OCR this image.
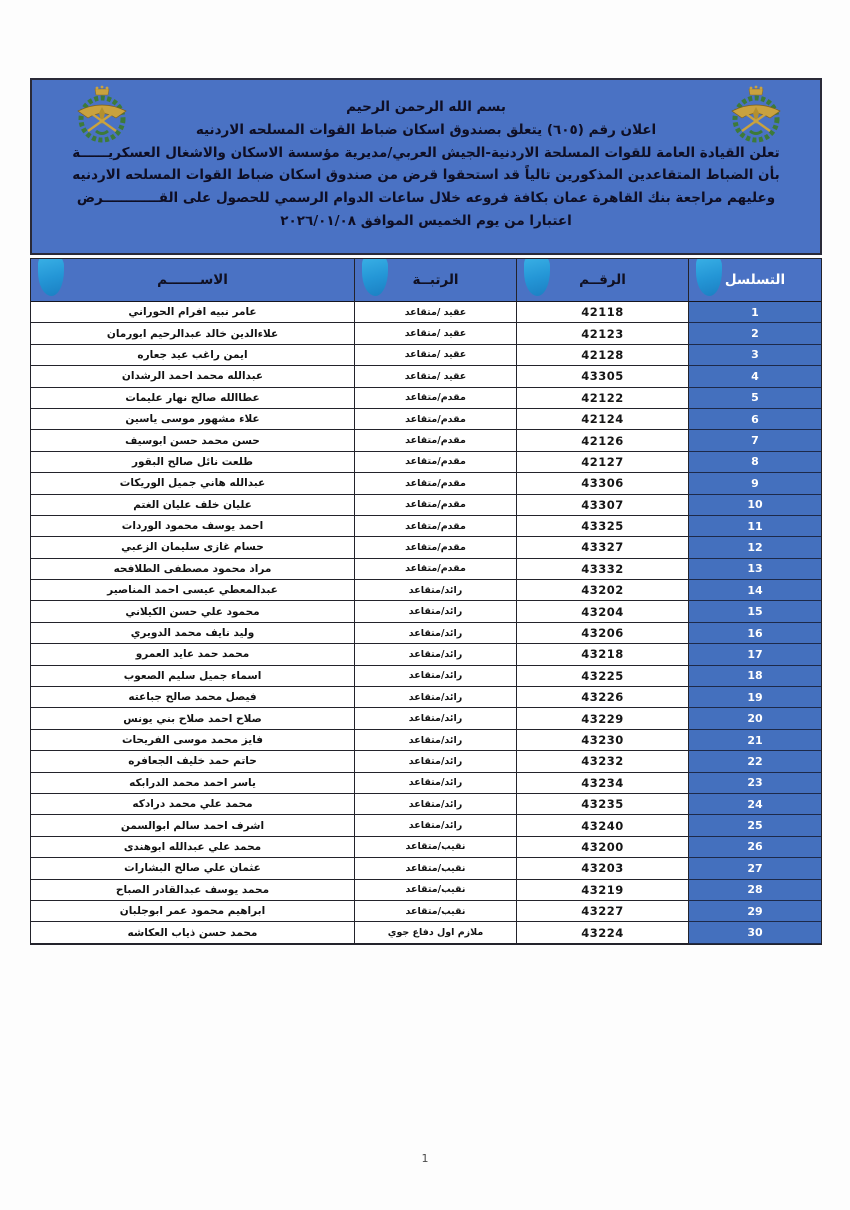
بسم الله الرحمن الرحيم
اعلان رقم (٦٠٥) يتعلق بصندوق اسكان ضباط القوات المسلحه الاردنيه
تعلن القيادة العامة للقوات المسلحة الاردنية-الجيش العربي/مديرية مؤسسة الاسكان والاشغال العسكريــــــة
بأن الضباط المتقاعدين المذكورين تالياً قد استحقوا قرض من صندوق اسكان ضباط القوات المسلحه الاردنيه
وعليهم مراجعة بنك القاهرة عمان بكافة فروعه خلال ساعات الدوام الرسمي للحصول على القــــــــــــرض
اعتبارا من يوم الخميس الموافق ٢٠٢٦/٠١/٠٨
الاســـــــم	الرتبــة	الرقــم	التسلسل
عامر نبيه افرام الحوراني	عقيد /متقاعد	42118	1
علاءالدين خالد عبدالرحيم ابورمان	عقيد /متقاعد	42123	2
ايمن راغب عيد جعاره	عقيد /متقاعد	42128	3
عبدالله محمد احمد الرشدان	عقيد /متقاعد	43305	4
عطاالله صالح نهار عليمات	مقدم/متقاعد	42122	5
علاء مشهور موسى ياسين	مقدم/متقاعد	42124	6
حسن محمد حسن ابوسيف	مقدم/متقاعد	42126	7
طلعت نائل صالح البقور	مقدم/متقاعد	42127	8
عبدالله هاني جميل الوريكات	مقدم/متقاعد	43306	9
عليان خلف عليان الغتم	مقدم/متقاعد	43307	10
احمد يوسف محمود الوردات	مقدم/متقاعد	43325	11
حسام غازى سليمان الزعبي	مقدم/متقاعد	43327	12
مراد محمود مصطفى الطلافحه	مقدم/متقاعد	43332	13
عبدالمعطي عيسى احمد المناصير	رائد/متقاعد	43202	14
محمود علي حسن الكيلاني	رائد/متقاعد	43204	15
وليد نايف محمد الدويري	رائد/متقاعد	43206	16
محمد حمد عايد العمرو	رائد/متقاعد	43218	17
اسماء جميل سليم الصعوب	رائد/متقاعد	43225	18
فيصل محمد صالح جباعته	رائد/متقاعد	43226	19
صلاح احمد صلاح بني يونس	رائد/متقاعد	43229	20
فايز محمد موسى الفريحات	رائد/متقاعد	43230	21
حاتم حمد خليف الجعافره	رائد/متقاعد	43232	22
ياسر احمد محمد الدرابكه	رائد/متقاعد	43234	23
محمد علي محمد درادكه	رائد/متقاعد	43235	24
اشرف احمد سالم ابوالسمن	رائد/متقاعد	43240	25
محمد علي عبدالله ابوهندى	نقيب/متقاعد	43200	26
عثمان علي صالح البشارات	نقيب/متقاعد	43203	27
محمد يوسف عبدالقادر الصباح	نقيب/متقاعد	43219	28
ابراهيم محمود عمر ابوجلبان	نقيب/متقاعد	43227	29
محمد حسن ذياب العكاشه	ملازم اول دفاع جوي	43224	30
1
